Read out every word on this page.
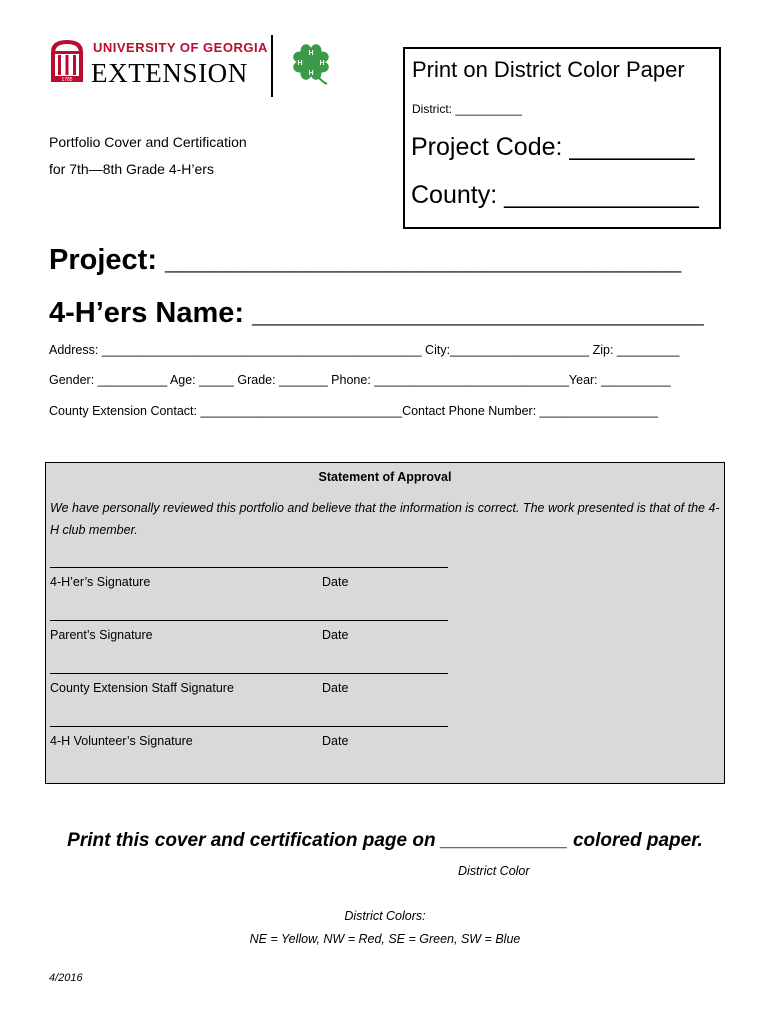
1785
UNIVERSITY OF GEORGIA
EXTENSION
H
H
H
H	Print on District Color Paper
District: __________
Project Code: _________
County: ______________
Portfolio Cover and Certification
for 7th—8th Grade 4-H’ers
Project: ________________________________
4-H’ers Name: ____________________________
Address: ______________________________________________ City:____________________ Zip: _________
Gender: __________ Age: _____ Grade: _______ Phone: ____________________________Year: __________
County Extension Contact: _____________________________Contact Phone Number: _________________
Statement of Approval
We have personally reviewed this portfolio and believe that the information is correct. The work presented is that of the 4-H club member.
4-H’er’s Signature	Date
Parent’s Signature	Date
County Extension Staff Signature	Date
4-H Volunteer’s Signature	Date
Print this cover and certification page on ____________ colored paper.
District Color
District Colors:
NE = Yellow, NW = Red, SE = Green, SW = Blue
4/2016
